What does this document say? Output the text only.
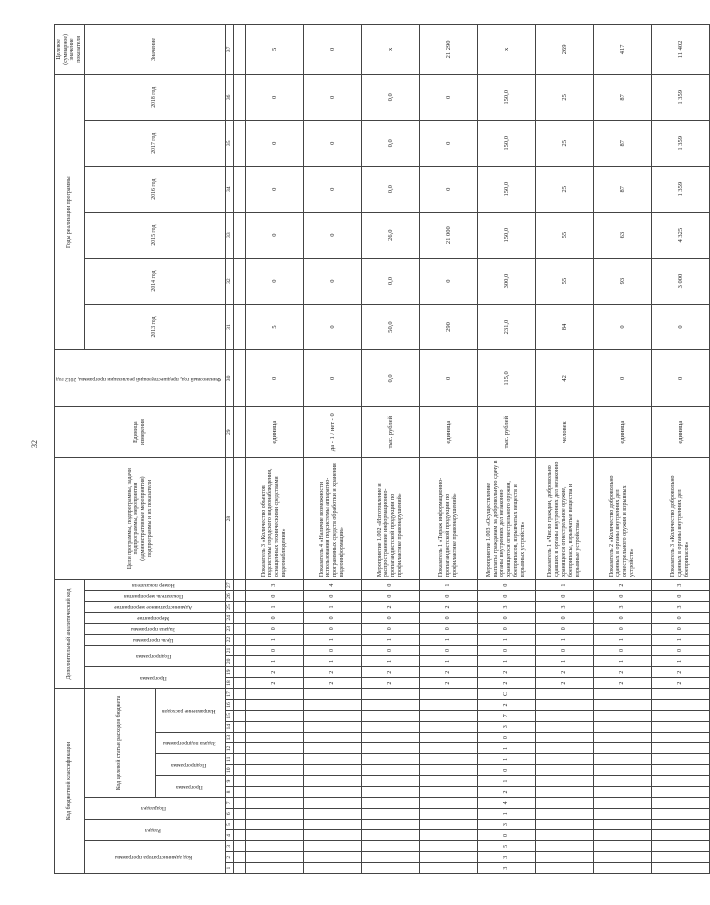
32
Код бюджетной классификации																	Дополнительный аналитический код										Цели программы, подпрограммы, задачи подпрограммы, мероприятия (административные мероприятия) подпрограммы и их показатели	Единица измерения	Финансовый год, предшествующий реализации программы, 2012 год	Годы реализации программы						Целевое (суммарное) значение показателя
Код администратора программы			Раздел		Подраздел		Код целевой статьи расходов бюджета										Программа		Подпрограмма		Цель программы	Задача программы	Мероприятие	Административное мероприятие	Показатель мероприятия	Номер показателя				2013 год	2014 год	2015 год	2016 год	2017 год	2018 год	Значение
							Программа		Подпрограмма		Задача подпрограммы		Направление расходов																							
1	2	3	4	5	6	7	8	9	10	11	12	13	14	15	16	17	18	19	20	21	22	23	24	25	26	27	28	29	30	31	32	33	34	35	36	37

																	2	2	1	0	1	0	0	1	0	3	Показатель 3 «Количество объектов подсистемы городского видеонаблюдения, оснащенных техническими средствами видеонаблюдения»	единица	0	5	0	0	0	0	0	5
																	2	2	1	0	1	0	0	1	0	4	Показатель 4 «Наличие возможности использования подсистемы аппаратно-программных средств обработки и хранения видеоинформации»	да - 1 / нет - 0	0	0	0	0	0	0	0	0
																	2	2	1	0	1	0	0	2	0	0	Мероприятие 1.002 «Изготовление и распространение информационно-пропагандистской продукции по профилактике правонарушений»	тыс. рублей	0,0	50,0	0,0	26,0	0,0	0,0	0,0	х
																	2	2	1	0	1	0	0	2	0	1	Показатель 1 «Тираж информационно-пропагандистской продукции по профилактике правонарушений»	единица	0	290	0	21 000	0	0	0	21 290
3	3	5	0	3	1	4	2	1	0	1	1	0	3	7	2	С	2	2	1	0	1	0	0	3	0	0	Мероприятие 1.003 «Осуществление выплаты гражданам за добровольную сдачу в органы внутренних дел незаконно хранящегося огнестрельного оружия, боеприпасов, взрывчатых веществ и взрывных устройств»	тыс. рублей	115,0	231,0	300,0	150,0	150,0	150,0	150,0	х
																	2	2	1	0	1	0	0	3	0	1	Показатель 1 «Число граждан, добровольно сдавших в органы внутренних дел незаконно хранящееся огнестрельное оружие, боеприпасы, взрывчатые вещества и взрывные устройства»	человек	42	84	55	55	25	25	25	269
																	2	2	1	0	1	0	0	3	0	2	Показатель 2 «Количество добровольно сданных в органы внутренних дел огнестрельного оружия и взрывных устройств»	единица	0	0	93	63	87	87	87	417
																	2	2	1	0	1	0	0	3	0	3	Показатель 3 «Количество добровольно сданных в органы внутренних дел боеприпасов»	единица	0	0	3 000	4 325	1 359	1 359	1 359	11 402
